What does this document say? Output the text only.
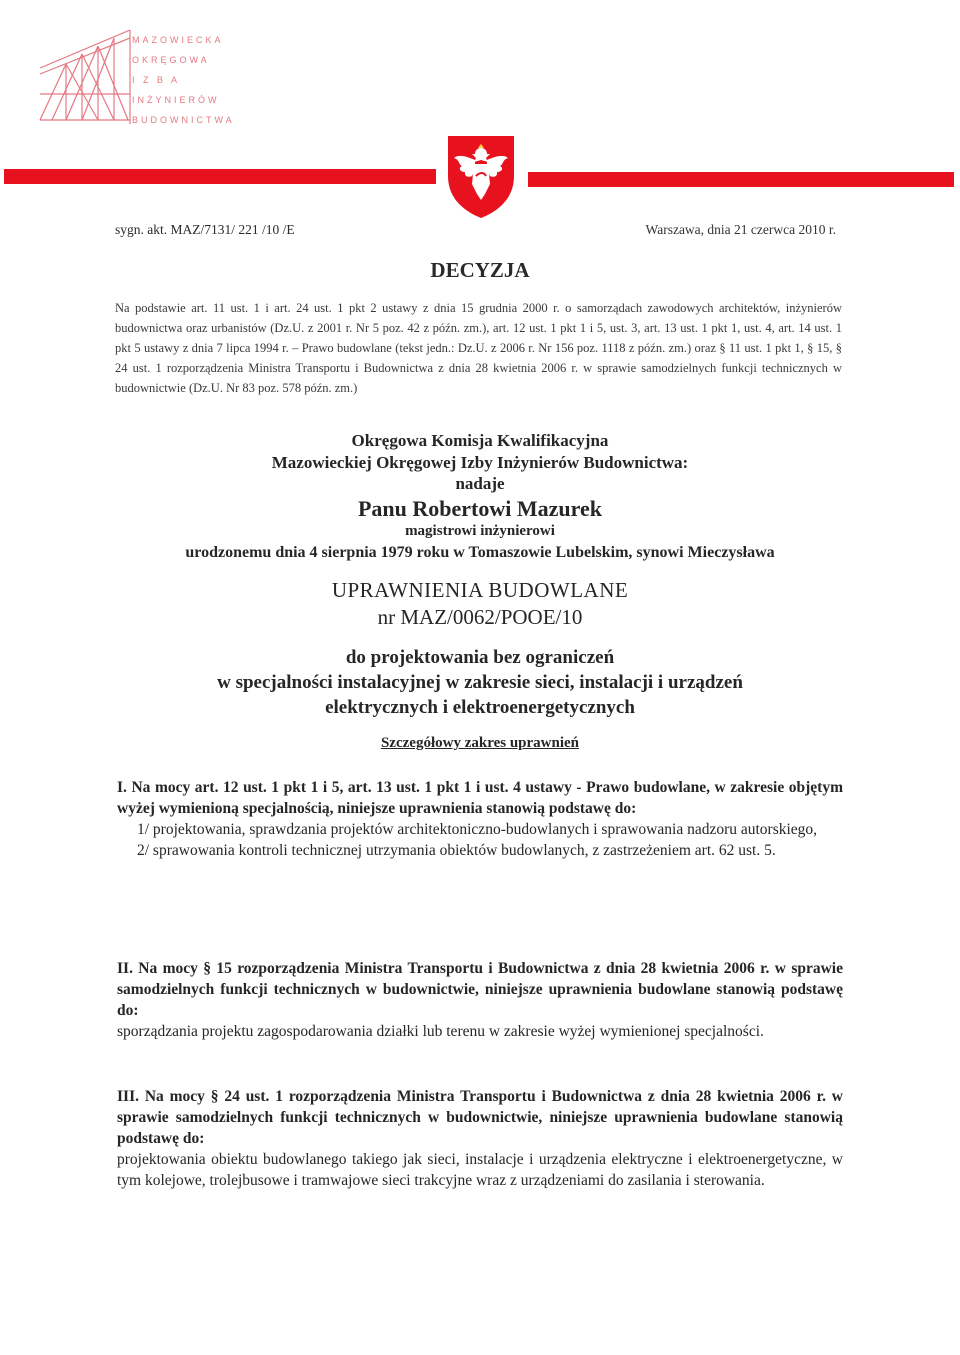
MAZOWIECKA
OKRĘGOWA
I Z B A
INŻYNIERÓW
BUDOWNICTWA
sygn. akt. MAZ/7131/ 221 /10 /E	Warszawa, dnia 21 czerwca 2010 r.
DECYZJA
Na podstawie art. 11 ust. 1 i art. 24 ust. 1 pkt 2 ustawy z dnia 15 grudnia 2000 r. o samorządach zawodowych architektów, inżynierów budownictwa oraz urbanistów (Dz.U. z 2001 r. Nr 5 poz. 42 z późn. zm.), art. 12 ust. 1 pkt 1 i 5, ust. 3, art. 13 ust. 1 pkt 1, ust. 4, art. 14 ust. 1 pkt 5 ustawy z dnia 7 lipca 1994 r. – Prawo budowlane (tekst jedn.: Dz.U. z 2006 r. Nr 156 poz. 1118 z późn. zm.) oraz § 11 ust. 1 pkt 1, § 15, § 24 ust. 1 rozporządzenia Ministra Transportu i Budownictwa z dnia 28 kwietnia 2006 r. w sprawie samodzielnych funkcji technicznych w budownictwie (Dz.U. Nr 83 poz. 578 późn. zm.)
Okręgowa Komisja Kwalifikacyjna
Mazowieckiej Okręgowej Izby Inżynierów Budownictwa:
nadaje
Panu Robertowi Mazurek
magistrowi inżynierowi
urodzonemu dnia 4 sierpnia 1979 roku w Tomaszowie Lubelskim, synowi Mieczysława
UPRAWNIENIA BUDOWLANE
nr MAZ/0062/POOE/10
do projektowania bez ograniczeń
w specjalności instalacyjnej w zakresie sieci, instalacji i urządzeń
elektrycznych i elektroenergetycznych
Szczegółowy zakres uprawnień
I. Na mocy art. 12 ust. 1 pkt 1 i 5, art. 13 ust. 1 pkt 1 i ust. 4 ustawy - Prawo budowlane, w zakresie objętym wyżej wymienioną specjalnością, niniejsze uprawnienia stanowią podstawę do:
1/ projektowania, sprawdzania projektów architektoniczno-budowlanych i sprawowania nadzoru autorskiego,
2/ sprawowania kontroli technicznej utrzymania obiektów budowlanych, z zastrzeżeniem art. 62 ust. 5.
II. Na mocy § 15 rozporządzenia Ministra Transportu i Budownictwa z dnia 28 kwietnia 2006 r. w sprawie samodzielnych funkcji technicznych w budownictwie, niniejsze uprawnienia budowlane stanowią podstawę do:
sporządzania projektu zagospodarowania działki lub terenu w zakresie wyżej wymienionej specjalności.
III. Na mocy § 24 ust. 1 rozporządzenia Ministra Transportu i Budownictwa z dnia 28 kwietnia 2006 r. w sprawie samodzielnych funkcji technicznych w budownictwie, niniejsze uprawnienia budowlane stanowią podstawę do:
projektowania obiektu budowlanego takiego jak sieci, instalacje i urządzenia elektryczne i elektroenergetyczne, w tym kolejowe, trolejbusowe i tramwajowe sieci trakcyjne wraz z urządzeniami do zasilania i sterowania.
